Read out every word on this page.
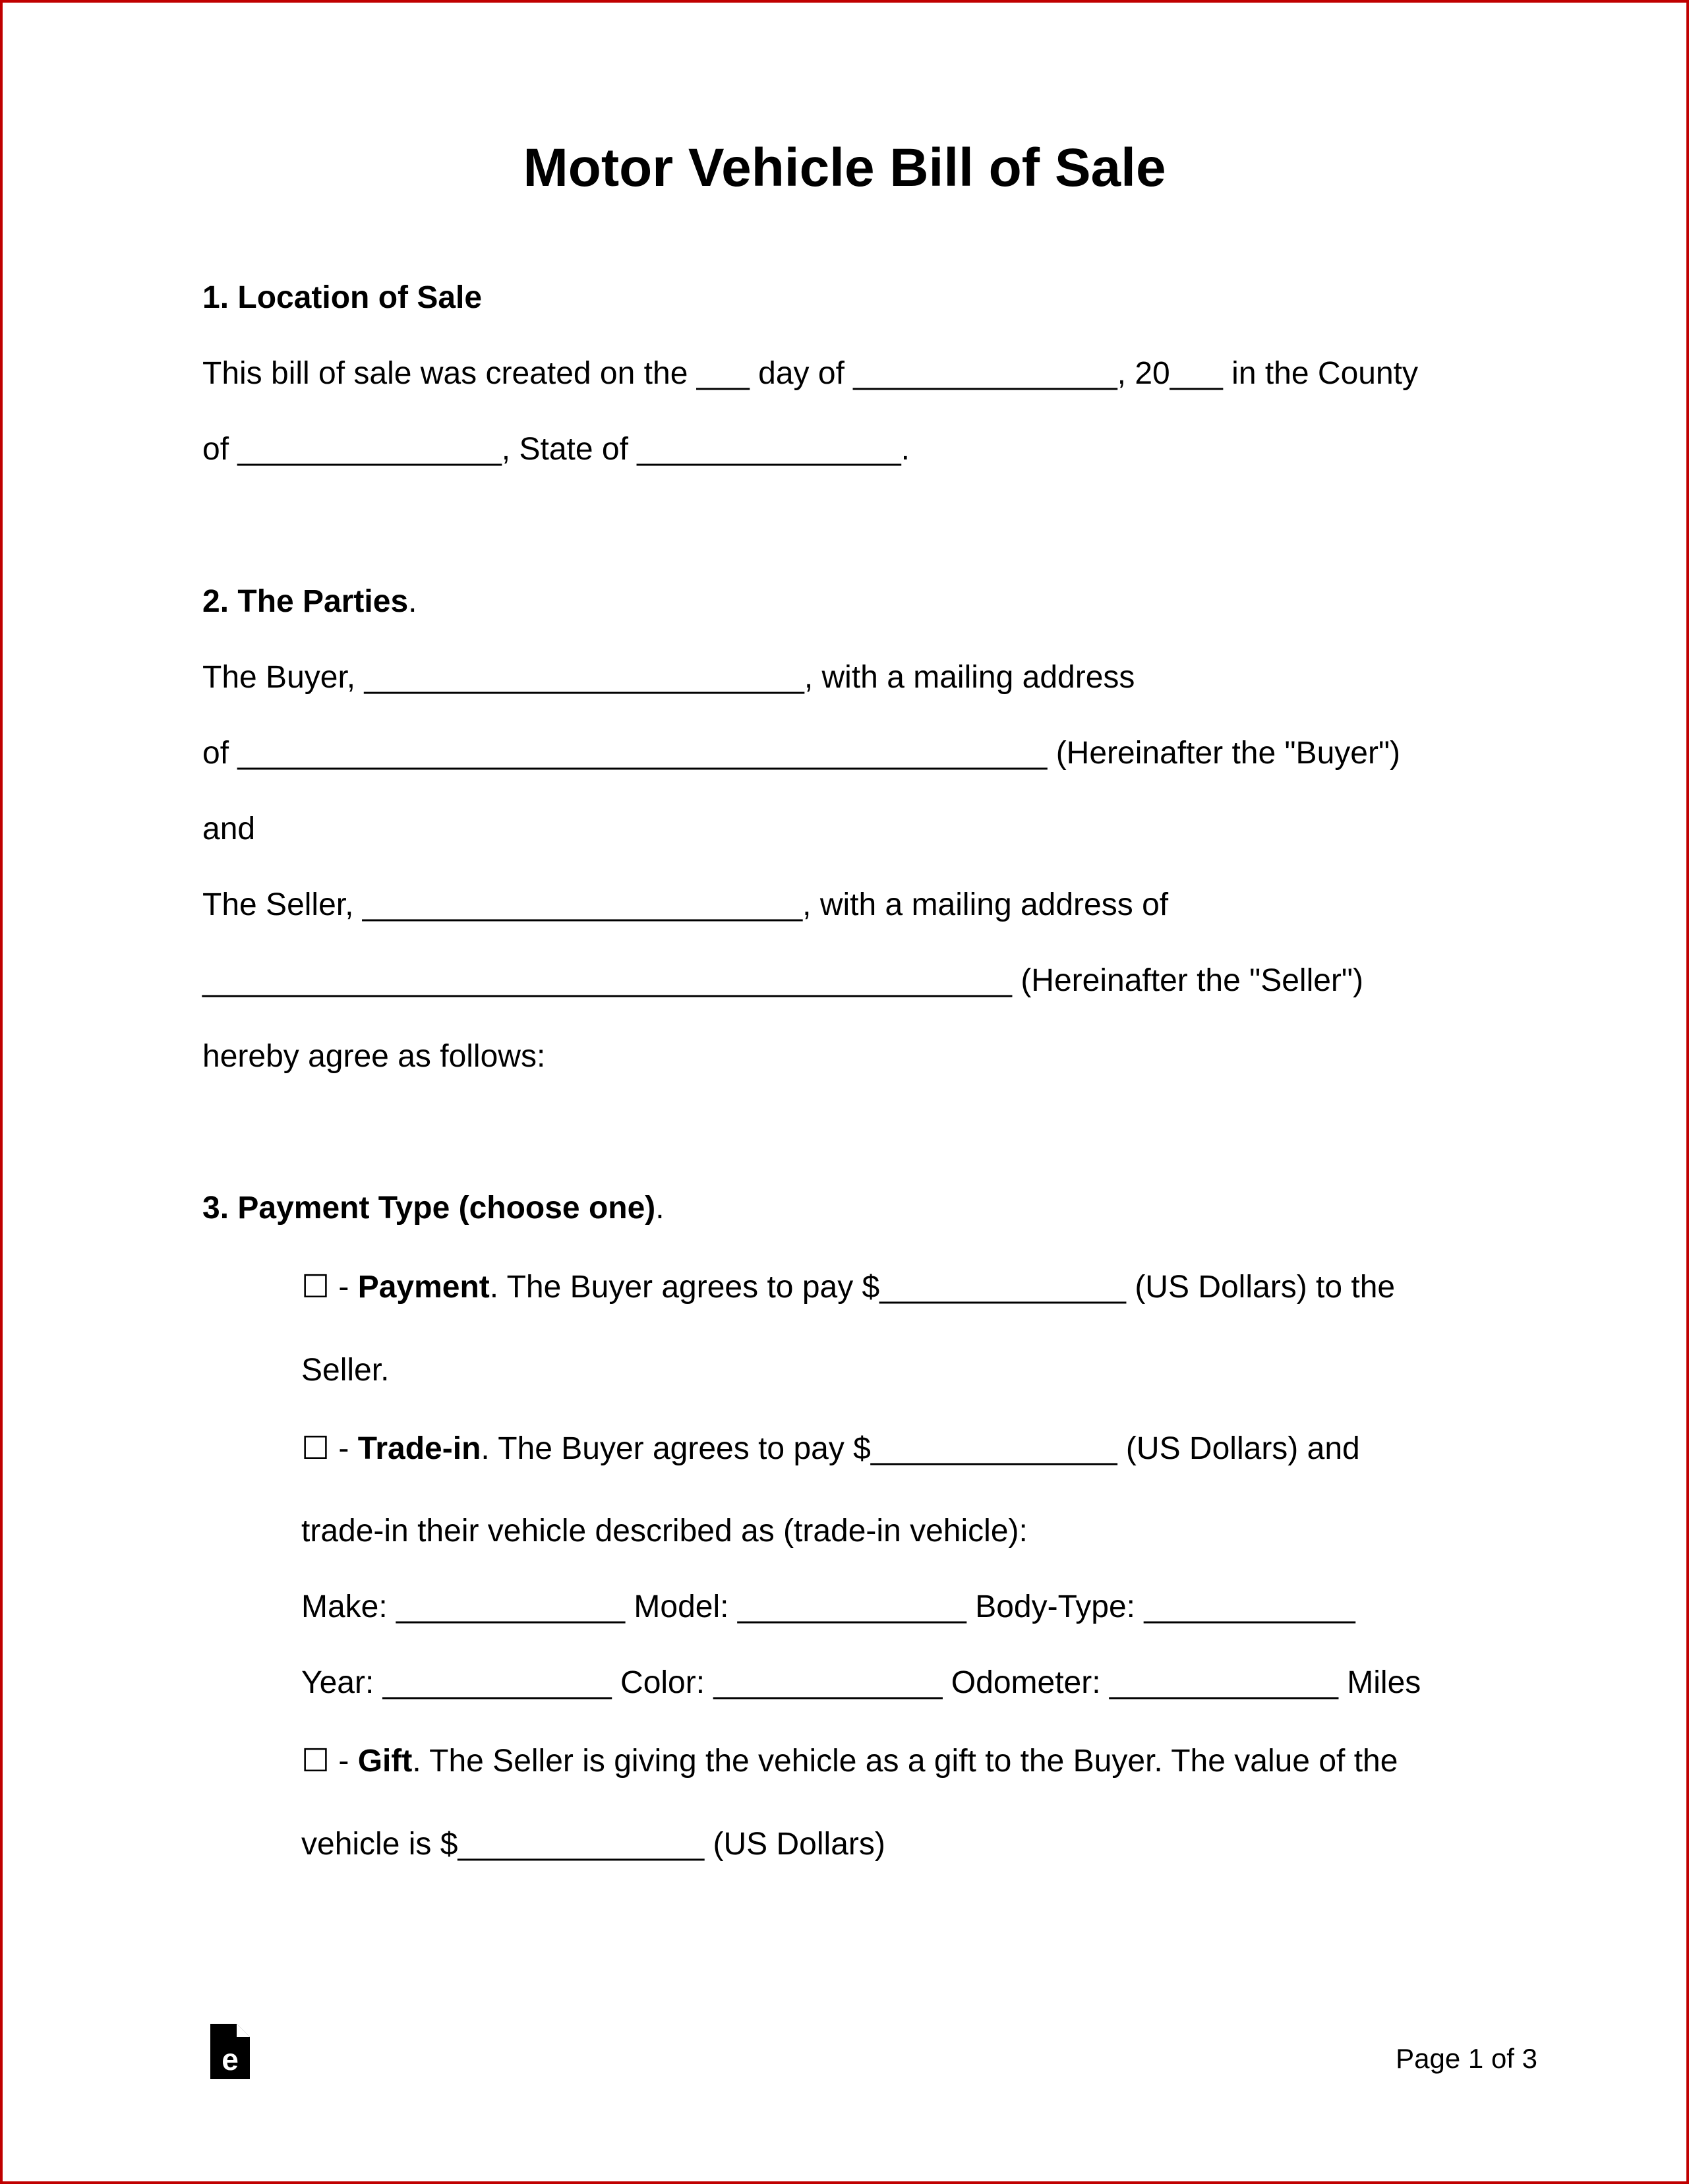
Motor Vehicle Bill of Sale
1. Location of Sale
This bill of sale was created on the ___ day of _______________, 20___ in the County
of _______________, State of _______________.
2. The Parties.
The Buyer, _________________________, with a mailing address
of ______________________________________________ (Hereinafter the "Buyer")
and
The Seller, _________________________, with a mailing address of
______________________________________________ (Hereinafter the "Seller")
hereby agree as follows:
3. Payment Type (choose one).
☐ - Payment. The Buyer agrees to pay $______________ (US Dollars) to the
Seller.
☐ - Trade-in. The Buyer agrees to pay $______________ (US Dollars) and
trade-in their vehicle described as (trade-in vehicle):
Make: _____________ Model: _____________ Body-Type: ____________
Year: _____________ Color: _____________ Odometer: _____________ Miles
☐ - Gift. The Seller is giving the vehicle as a gift to the Buyer. The value of the
vehicle is $______________ (US Dollars)
e	Page 1 of 3
